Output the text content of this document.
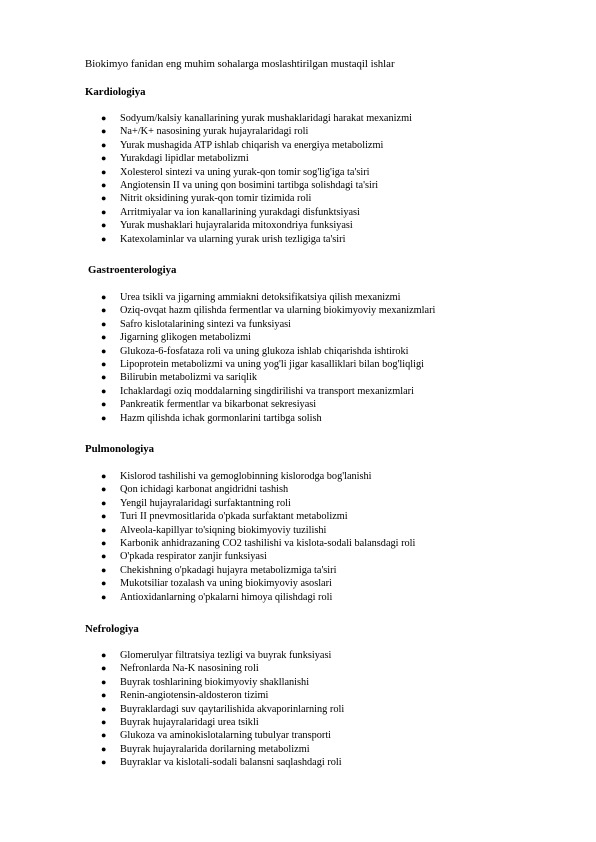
Biokimyo fanidan eng muhim sohalarga moslashtirilgan mustaqil ishlar
Kardiologiya
● Sodyum/kalsiy kanallarining yurak mushaklaridagi harakat mexanizmi
● Na+/K+ nasosining yurak hujayralaridagi roli
● Yurak mushagida ATP ishlab chiqarish va energiya metabolizmi
● Yurakdagi lipidlar metabolizmi
● Xolesterol sintezi va uning yurak-qon tomir sog'lig'iga ta'siri
● Angiotensin II va uning qon bosimini tartibga solishdagi ta'siri
● Nitrit oksidining yurak-qon tomir tizimida roli
● Arritmiyalar va ion kanallarining yurakdagi disfunktsiyasi
● Yurak mushaklari hujayralarida mitoxondriya funksiyasi
● Katexolaminlar va ularning yurak urish tezligiga ta'siri
Gastroenterologiya
● Urea tsikli va jigarning ammiakni detoksifikatsiya qilish mexanizmi
● Oziq-ovqat hazm qilishda fermentlar va ularning biokimyoviy mexanizmlari
● Safro kislotalarining sintezi va funksiyasi
● Jigarning glikogen metabolizmi
● Glukoza-6-fosfataza roli va uning glukoza ishlab chiqarishda ishtiroki
● Lipoprotein metabolizmi va uning yog'li jigar kasalliklari bilan bog'liqligi
● Bilirubin metabolizmi va sariqlik
● Ichaklardagi oziq moddalarning singdirilishi va transport mexanizmlari
● Pankreatik fermentlar va bikarbonat sekresiyasi
● Hazm qilishda ichak gormonlarini tartibga solish
Pulmonologiya
● Kislorod tashilishi va gemoglobinning kislorodga bog'lanishi
● Qon ichidagi karbonat angidridni tashish
● Yengil hujayralaridagi surfaktantning roli
● Turi II pnevmositlarida o'pkada surfaktant metabolizmi
● Alveola-kapillyar to'siqning biokimyoviy tuzilishi
● Karbonik anhidrazaning CO2 tashilishi va kislota-sodali balansdagi roli
● O'pkada respirator zanjir funksiyasi
● Chekishning o'pkadagi hujayra metabolizmiga ta'siri
● Mukotsiliar tozalash va uning biokimyoviy asoslari
● Antioxidanlarning o'pkalarni himoya qilishdagi roli
Nefrologiya
● Glomerulyar filtratsiya tezligi va buyrak funksiyasi
● Nefronlarda Na-K nasosining roli
● Buyrak toshlarining biokimyoviy shakllanishi
● Renin-angiotensin-aldosteron tizimi
● Buyraklardagi suv qaytarilishida akvaporinlarning roli
● Buyrak hujayralaridagi urea tsikli
● Glukoza va aminokislotalarning tubulyar transporti
● Buyrak hujayralarida dorilarning metabolizmi
● Buyraklar va kislotali-sodali balansni saqlashdagi roli
